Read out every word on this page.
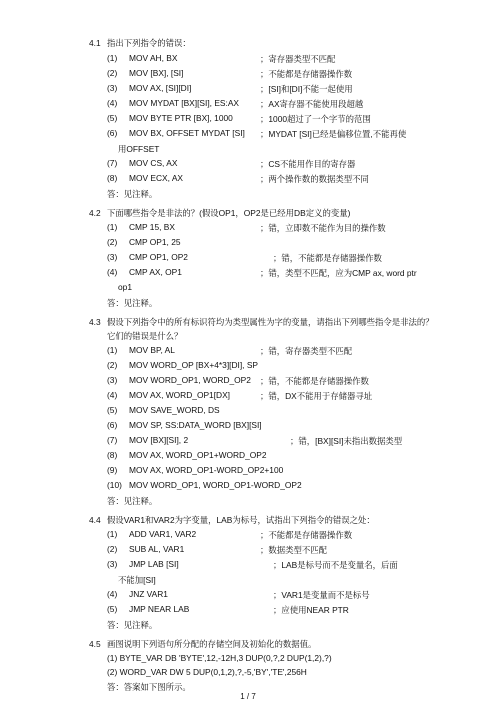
4.1 指出下列指令的错误：
(1) MOV AH, BX	；寄存器类型不匹配
(2) MOV [BX], [SI]	；不能都是存储器操作数
(3) MOV AX, [SI][DI]	；[SI]和[DI]不能一起使用
(4) MOV MYDAT [BX][SI], ES:AX	；AX寄存器不能使用段超越
(5) MOV BYTE PTR [BX], 1000	；1000超过了一个字节的范围
(6) MOV BX, OFFSET MYDAT [SI] ；MYDAT [SI]已经是偏移位置,不能再使
用OFFSET
(7) MOV CS, AX	；CS不能用作目的寄存器
(8) MOV ECX, AX	；两个操作数的数据类型不同
答：见注释。
4.2 下面哪些指令是非法的？(假设OP1，OP2是已经用DB定义的变量)
(1) CMP 15, BX	；错，立即数不能作为目的操作数
(2) CMP OP1, 25
(3) CMP OP1, OP2	；错，不能都是存储器操作数
(4) CMP AX, OP1	；错，类型不匹配，应为CMP ax, word ptr
op1
答：见注释。
4.3 假设下列指令中的所有标识符均为类型属性为字的变量，请指出下列哪些指令是非法的？
它们的错误是什么？
(1) MOV BP, AL	；错，寄存器类型不匹配
(2) MOV WORD_OP [BX+4*3][DI], SP
(3) MOV WORD_OP1, WORD_OP2 ；错，不能都是存储器操作数
(4) MOV AX, WORD_OP1[DX]	；错，DX不能用于存储器寻址
(5) MOV SAVE_WORD, DS
(6) MOV SP, SS:DATA_WORD [BX][SI]
(7) MOV [BX][SI], 2	；错，[BX][SI]未指出数据类型
(8) MOV AX, WORD_OP1+WORD_OP2
(9) MOV AX, WORD_OP1-WORD_OP2+100
(10) MOV WORD_OP1, WORD_OP1-WORD_OP2
答：见注释。
4.4 假设VAR1和VAR2为字变量，LAB为标号，试指出下列指令的错误之处：
(1) ADD VAR1, VAR2	；不能都是存储器操作数
(2) SUB AL, VAR1	；数据类型不匹配
(3) JMP LAB [SI]	；LAB是标号而不是变量名，后面
不能加[SI]
(4) JNZ VAR1	；VAR1是变量而不是标号
(5) JMP NEAR LAB	；应使用NEAR PTR
答：见注释。
4.5 画图说明下列语句所分配的存储空间及初始化的数据值。
(1) BYTE_VAR DB 'BYTE',12,-12H,3 DUP(0,?,2 DUP(1,2),?)
(2) WORD_VAR DW 5 DUP(0,1,2),?,-5,'BY','TE',256H
答：答案如下图所示。
1 / 7
